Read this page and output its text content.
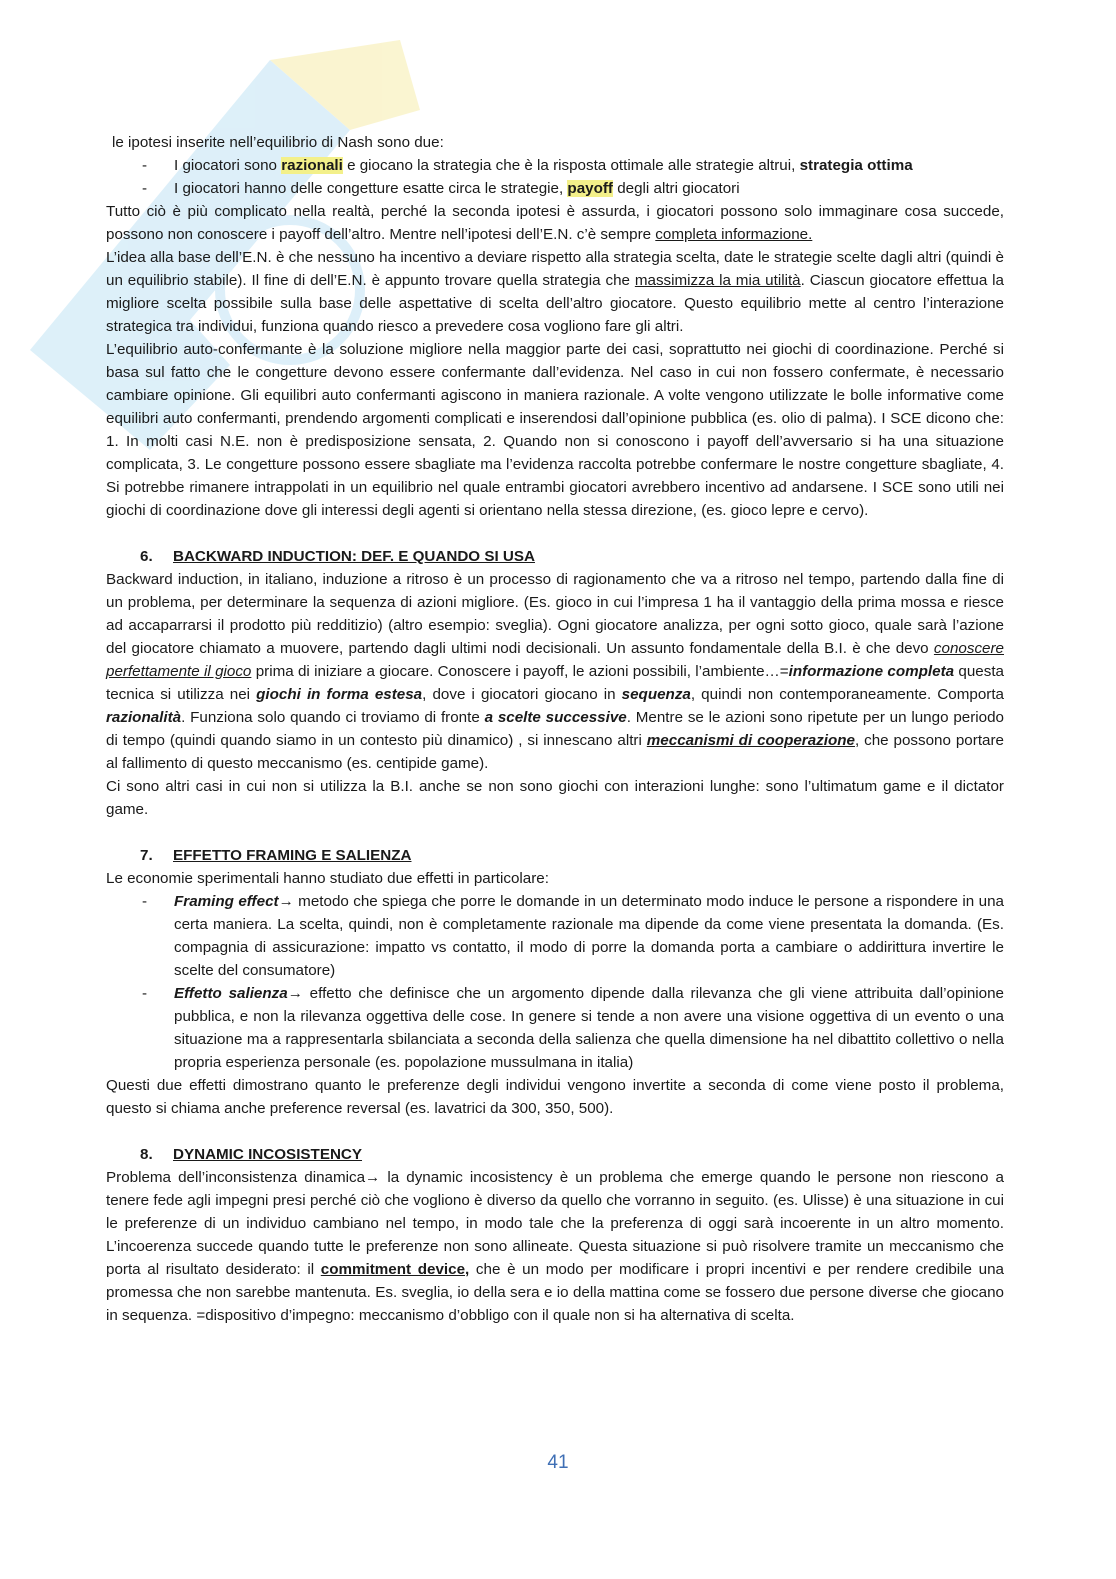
le ipotesi inserite nell’equilibrio di Nash sono due:

- I giocatori sono razionali e giocano la strategia che è la risposta ottimale alle strategie altrui, strategia ottima
- I giocatori hanno delle congetture esatte circa le strategie, payoff degli altri giocatori

Tutto ciò è più complicato nella realtà, perché la seconda ipotesi è assurda, i giocatori possono solo immaginare cosa succede, possono non conoscere i payoff dell’altro. Mentre nell’ipotesi dell’E.N. c’è sempre completa informazione.

L’idea alla base dell’E.N. è che nessuno ha incentivo a deviare rispetto alla strategia scelta, date le strategie scelte dagli altri (quindi è un equilibrio stabile). Il fine di dell’E.N. è appunto trovare quella strategia che massimizza la mia utilità. Ciascun giocatore effettua la migliore scelta possibile sulla base delle aspettative di scelta dell’altro giocatore. Questo equilibrio mette al centro l’interazione strategica tra individui, funziona quando riesco a prevedere cosa vogliono fare gli altri.

L’equilibrio auto-confermante è la soluzione migliore nella maggior parte dei casi, soprattutto nei giochi di coordinazione. Perché si basa sul fatto che le congetture devono essere confermante dall’evidenza. Nel caso in cui non fossero confermate, è necessario cambiare opinione. Gli equilibri auto confermanti agiscono in maniera razionale. A volte vengono utilizzate le bolle informative come equilibri auto confermanti, prendendo argomenti complicati e inserendosi dall’opinione pubblica (es. olio di palma). I SCE dicono che: 1. In molti casi N.E. non è predisposizione sensata, 2. Quando non si conoscono i payoff dell’avversario si ha una situazione complicata, 3. Le congetture possono essere sbagliate ma l’evidenza raccolta potrebbe confermare le nostre congetture sbagliate, 4. Si potrebbe rimanere intrappolati in un equilibrio nel quale entrambi giocatori avrebbero incentivo ad andarsene. I SCE sono utili nei giochi di coordinazione dove gli interessi degli agenti si orientano nella stessa direzione, (es. gioco lepre e cervo).

6. BACKWARD INDUCTION: DEF. E QUANDO SI USA

Backward induction, in italiano, induzione a ritroso è un processo di ragionamento che va a ritroso nel tempo, partendo dalla fine di un problema, per determinare la sequenza di azioni migliore. (Es. gioco in cui l’impresa 1 ha il vantaggio della prima mossa e riesce ad accaparrarsi il prodotto più redditizio) (altro esempio: sveglia). Ogni giocatore analizza, per ogni sotto gioco, quale sarà l’azione del giocatore chiamato a muovere, partendo dagli ultimi nodi decisionali. Un assunto fondamentale della B.I. è che devo conoscere perfettamente il gioco prima di iniziare a giocare. Conoscere i payoff, le azioni possibili, l’ambiente…=informazione completa questa tecnica si utilizza nei giochi in forma estesa, dove i giocatori giocano in sequenza, quindi non contemporaneamente. Comporta razionalità. Funziona solo quando ci troviamo di fronte a scelte successive. Mentre se le azioni sono ripetute per un lungo periodo di tempo (quindi quando siamo in un contesto più dinamico) , si innescano altri meccanismi di cooperazione, che possono portare al fallimento di questo meccanismo (es. centipide game).

Ci sono altri casi in cui non si utilizza la B.I. anche se non sono giochi con interazioni lunghe: sono l’ultimatum game e il dictator game.

7. EFFETTO FRAMING E SALIENZA

Le economie sperimentali hanno studiato due effetti in particolare:

- Framing effect→ metodo che spiega che porre le domande in un determinato modo induce le persone a rispondere in una certa maniera. La scelta, quindi, non è completamente razionale ma dipende da come viene presentata la domanda. (Es. compagnia di assicurazione: impatto vs contatto, il modo di porre la domanda porta a cambiare o addirittura invertire le scelte del consumatore)
- Effetto salienza→ effetto che definisce che un argomento dipende dalla rilevanza che gli viene attribuita dall’opinione pubblica, e non la rilevanza oggettiva delle cose. In genere si tende a non avere una visione oggettiva di un evento o una situazione ma a rappresentarla sbilanciata a seconda della salienza che quella dimensione ha nel dibattito collettivo o nella propria esperienza personale (es. popolazione mussulmana in italia)

Questi due effetti dimostrano quanto le preferenze degli individui vengono invertite a seconda di come viene posto il problema, questo si chiama anche preference reversal (es. lavatrici da 300, 350, 500).

8. DYNAMIC INCOSISTENCY

Problema dell’inconsistenza dinamica→ la dynamic incosistency è un problema che emerge quando le persone non riescono a tenere fede agli impegni presi perché ciò che vogliono è diverso da quello che vorranno in seguito. (es. Ulisse) è una situazione in cui le preferenze di un individuo cambiano nel tempo, in modo tale che la preferenza di oggi sarà incoerente in un altro momento. L’incoerenza succede quando tutte le preferenze non sono allineate. Questa situazione si può risolvere tramite un meccanismo che porta al risultato desiderato: il commitment device, che è un modo per modificare i propri incentivi e per rendere credibile una promessa che non sarebbe mantenuta. Es. sveglia, io della sera e io della mattina come se fossero due persone diverse che giocano in sequenza. =dispositivo d’impegno: meccanismo d’obbligo con il quale non si ha alternativa di scelta.

41
